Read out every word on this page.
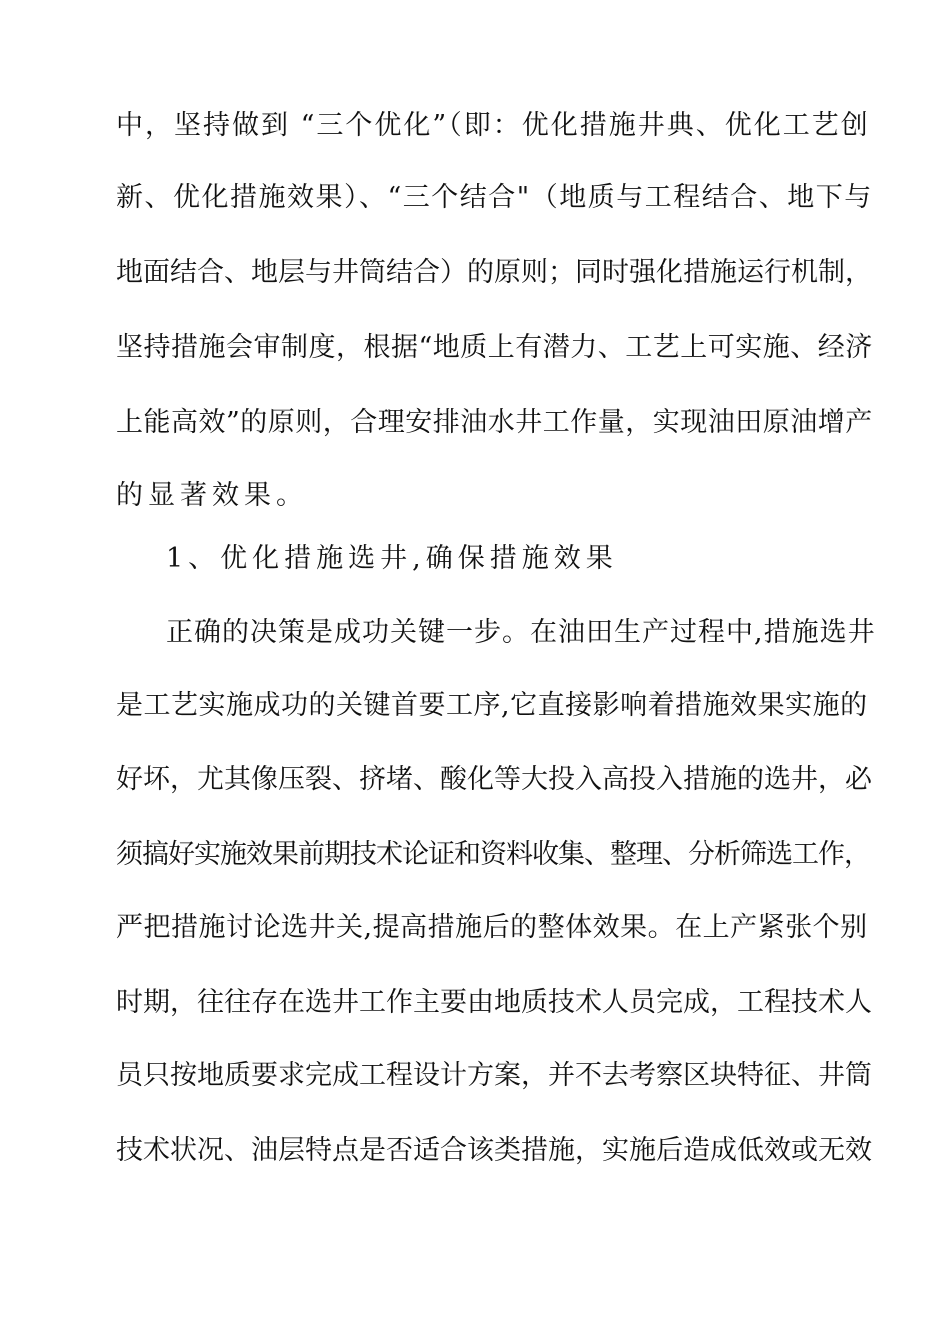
中，坚持做到 “三个优化”（即：优化措施井典、优化工艺创

新、优化措施效果）、“三个结合"（地质与工程结合、地下与

地面结合、地层与井筒结合）的原则；同时强化措施运行机制，

坚持措施会审制度，根据“地质上有潜力、工艺上可实施、经济

上能高效”的原则，合理安排油水井工作量，实现油田原油增产

的显著效果。

1、优化措施选井,确保措施效果

正确的决策是成功关键一步。在油田生产过程中,措施选井

是工艺实施成功的关键首要工序,它直接影响着措施效果实施的

好坏，尤其像压裂、挤堵、酸化等大投入高投入措施的选井，必

须搞好实施效果前期技术论证和资料收集、整理、分析筛选工作，

严把措施讨论选井关,提高措施后的整体效果。在上产紧张个别

时期，往往存在选井工作主要由地质技术人员完成，工程技术人

员只按地质要求完成工程设计方案，并不去考察区块特征、井筒

技术状况、油层特点是否适合该类措施，实施后造成低效或无效
